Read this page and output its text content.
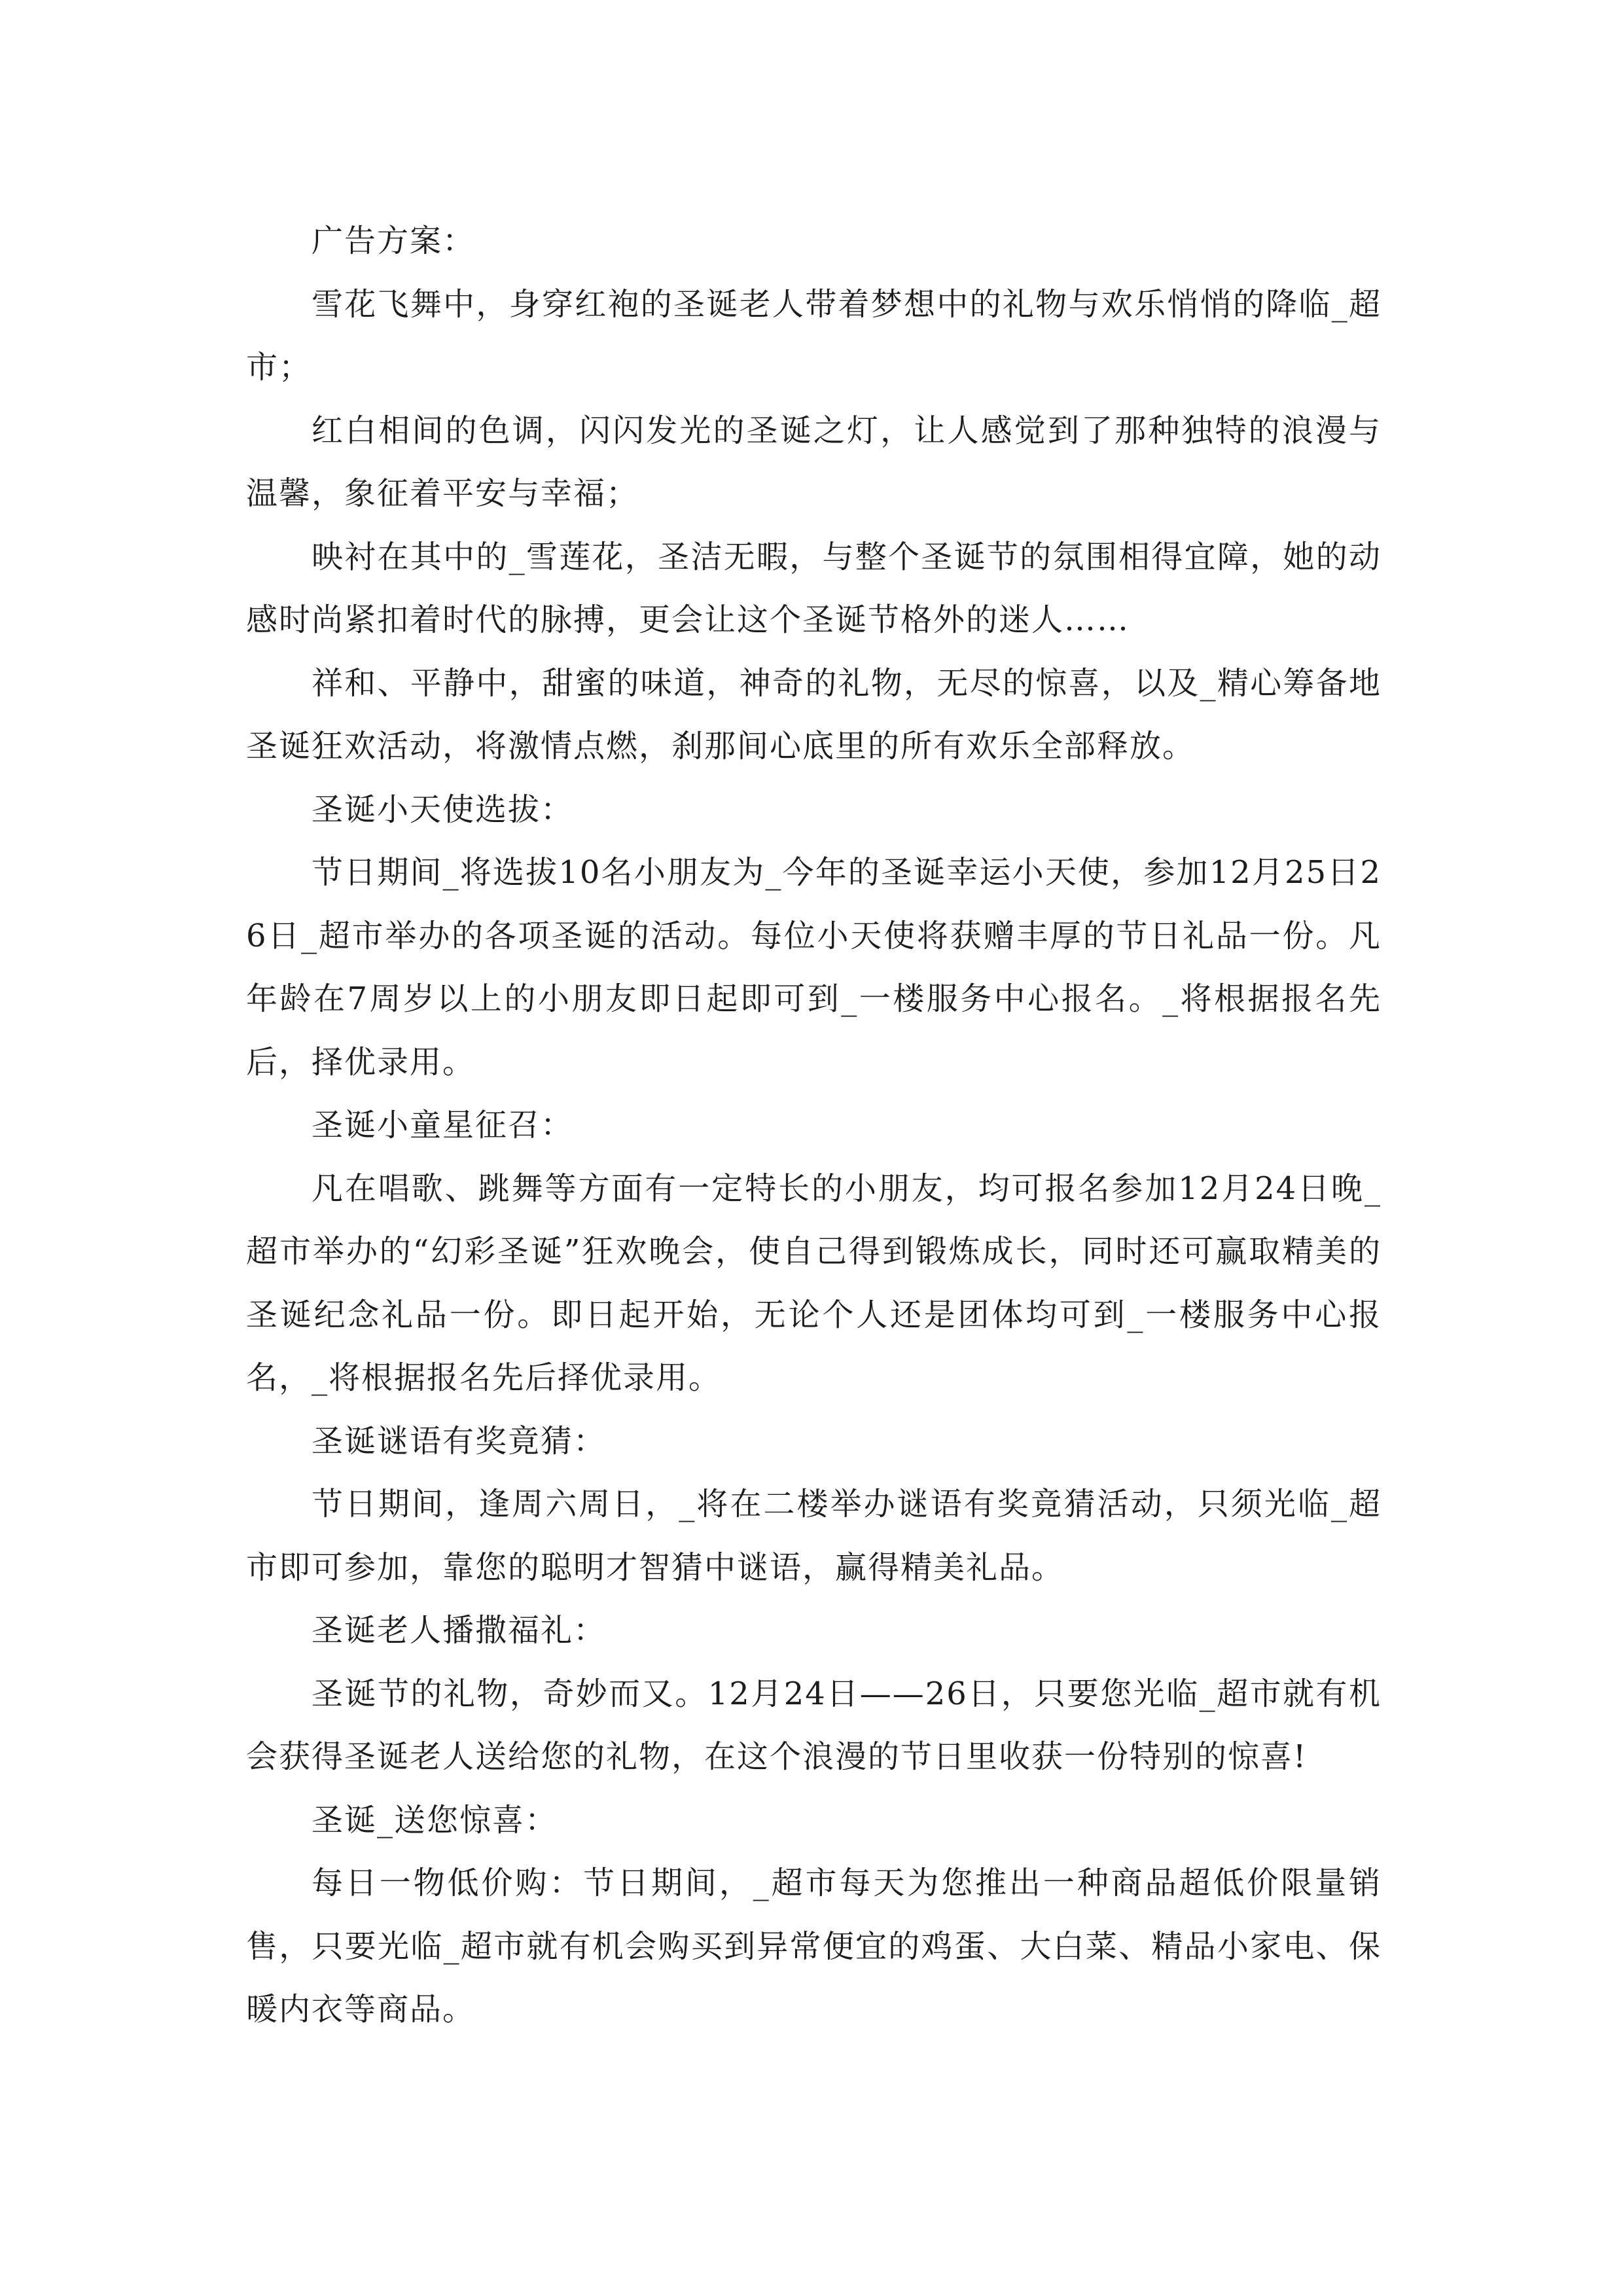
广告方案：

雪花飞舞中，身穿红袍的圣诞老人带着梦想中的礼物与欢乐悄悄的降临_超市；

红白相间的色调，闪闪发光的圣诞之灯，让人感觉到了那种独特的浪漫与温馨，象征着平安与幸福；

映衬在其中的_雪莲花，圣洁无暇，与整个圣诞节的氛围相得宜障，她的动感时尚紧扣着时代的脉搏，更会让这个圣诞节格外的迷人……

祥和、平静中，甜蜜的味道，神奇的礼物，无尽的惊喜，以及_精心筹备地圣诞狂欢活动，将激情点燃，刹那间心底里的所有欢乐全部释放。

圣诞小天使选拔：

节日期间_将选拔10名小朋友为_今年的圣诞幸运小天使，参加12月25日26日_超市举办的各项圣诞的活动。每位小天使将获赠丰厚的节日礼品一份。凡年龄在7周岁以上的小朋友即日起即可到_一楼服务中心报名。_将根据报名先后，择优录用。

圣诞小童星征召：

凡在唱歌、跳舞等方面有一定特长的小朋友，均可报名参加12月24日晚_超市举办的“幻彩圣诞”狂欢晚会，使自己得到锻炼成长，同时还可赢取精美的圣诞纪念礼品一份。即日起开始，无论个人还是团体均可到_一楼服务中心报名，_将根据报名先后择优录用。

圣诞谜语有奖竟猜：

节日期间，逢周六周日，_将在二楼举办谜语有奖竟猜活动，只须光临_超市即可参加，靠您的聪明才智猜中谜语，赢得精美礼品。

圣诞老人播撒福礼：

圣诞节的礼物，奇妙而又。12月24日——26日，只要您光临_超市就有机会获得圣诞老人送给您的礼物，在这个浪漫的节日里收获一份特别的惊喜!

圣诞_送您惊喜：

每日一物低价购：节日期间，_超市每天为您推出一种商品超低价限量销售，只要光临_超市就有机会购买到异常便宜的鸡蛋、大白菜、精品小家电、保暖内衣等商品。
